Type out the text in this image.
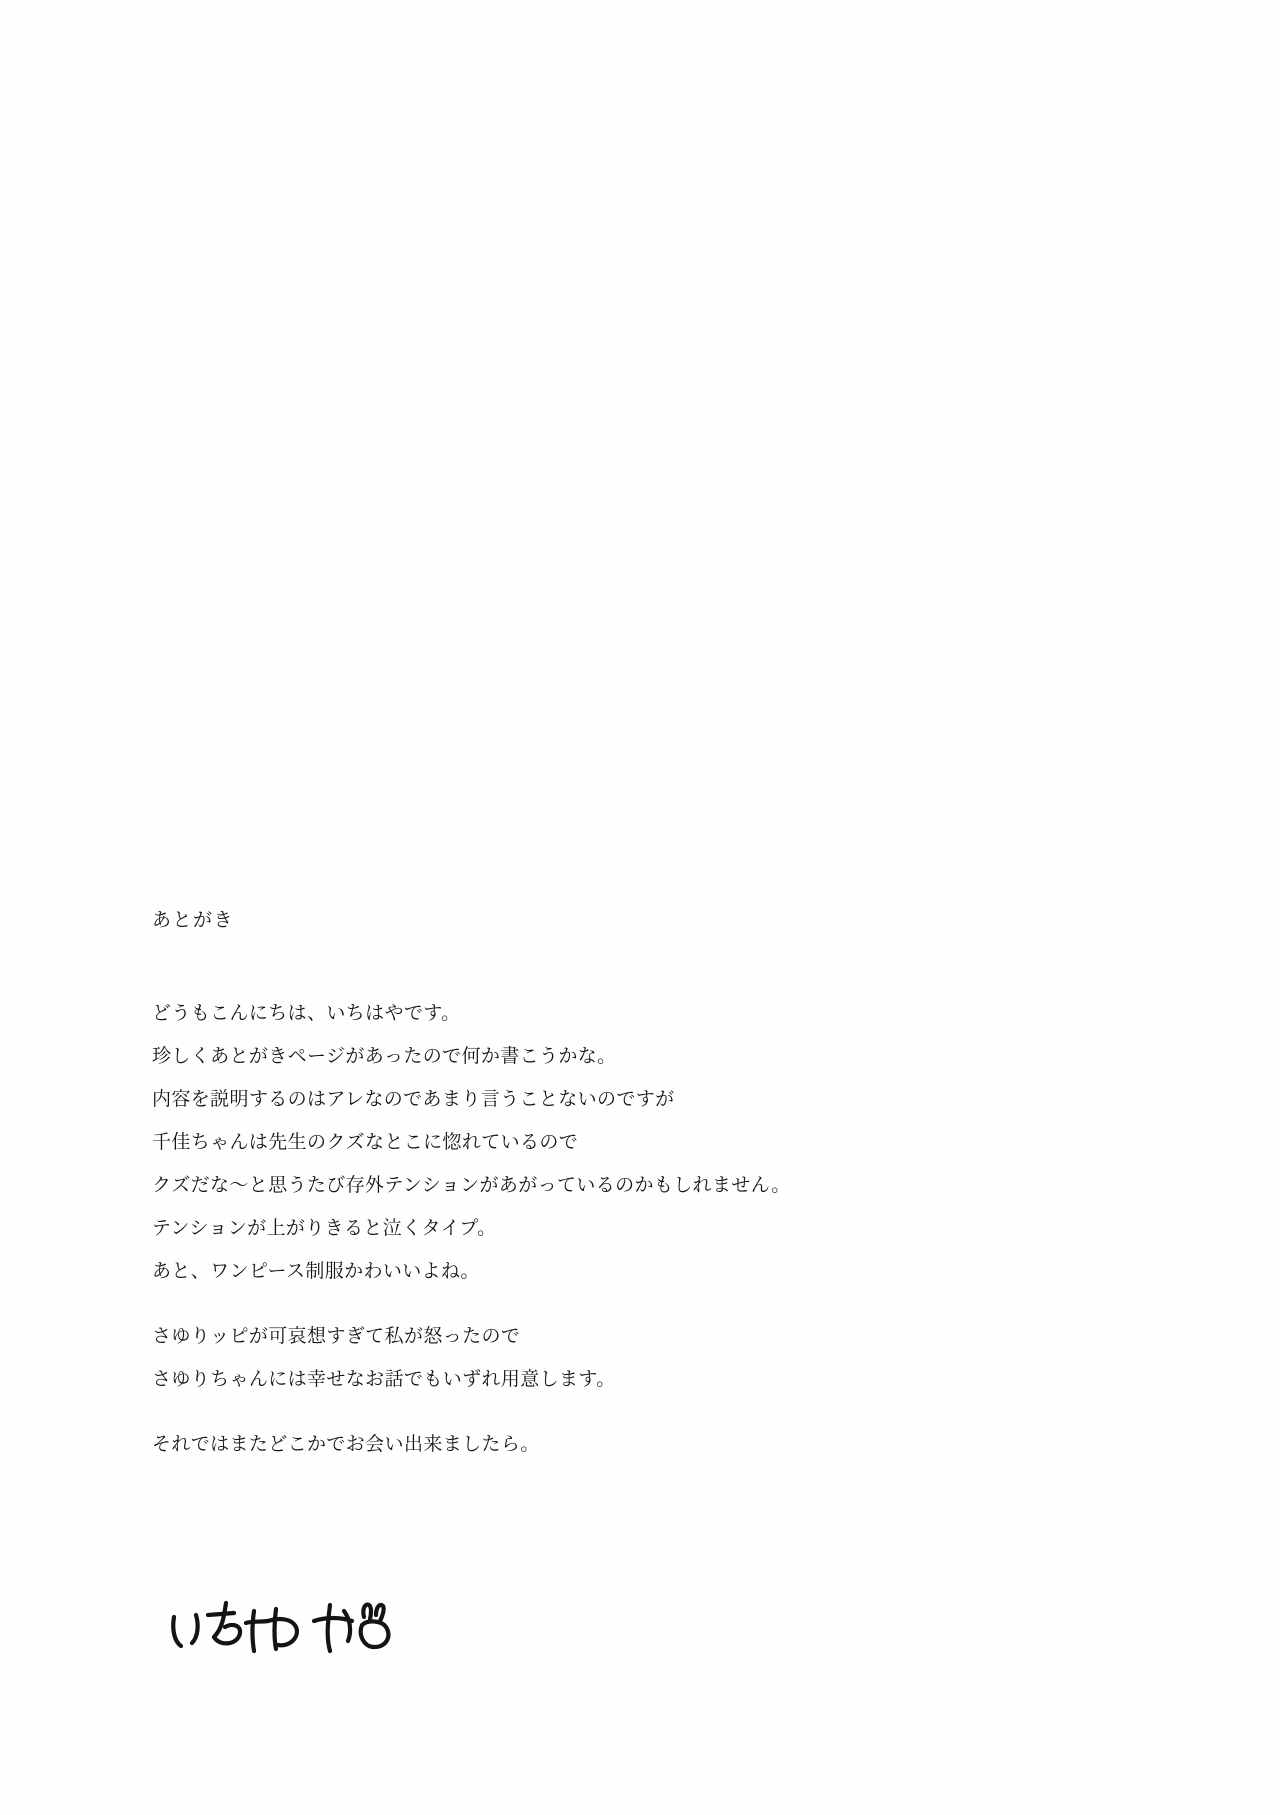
あとがき

どうもこんにちは、いちはやです。

珍しくあとがきページがあったので何か書こうかな。

内容を説明するのはアレなのであまり言うことないのですが

千佳ちゃんは先生のクズなとこに惚れているので

クズだな〜と思うたび存外テンションがあがっているのかもしれません。

テンションが上がりきると泣くタイプ。

あと、ワンピース制服かわいいよね。

さゆりッピが可哀想すぎて私が怒ったので

さゆりちゃんには幸せなお話でもいずれ用意します。

それではまたどこかでお会い出来ましたら。
